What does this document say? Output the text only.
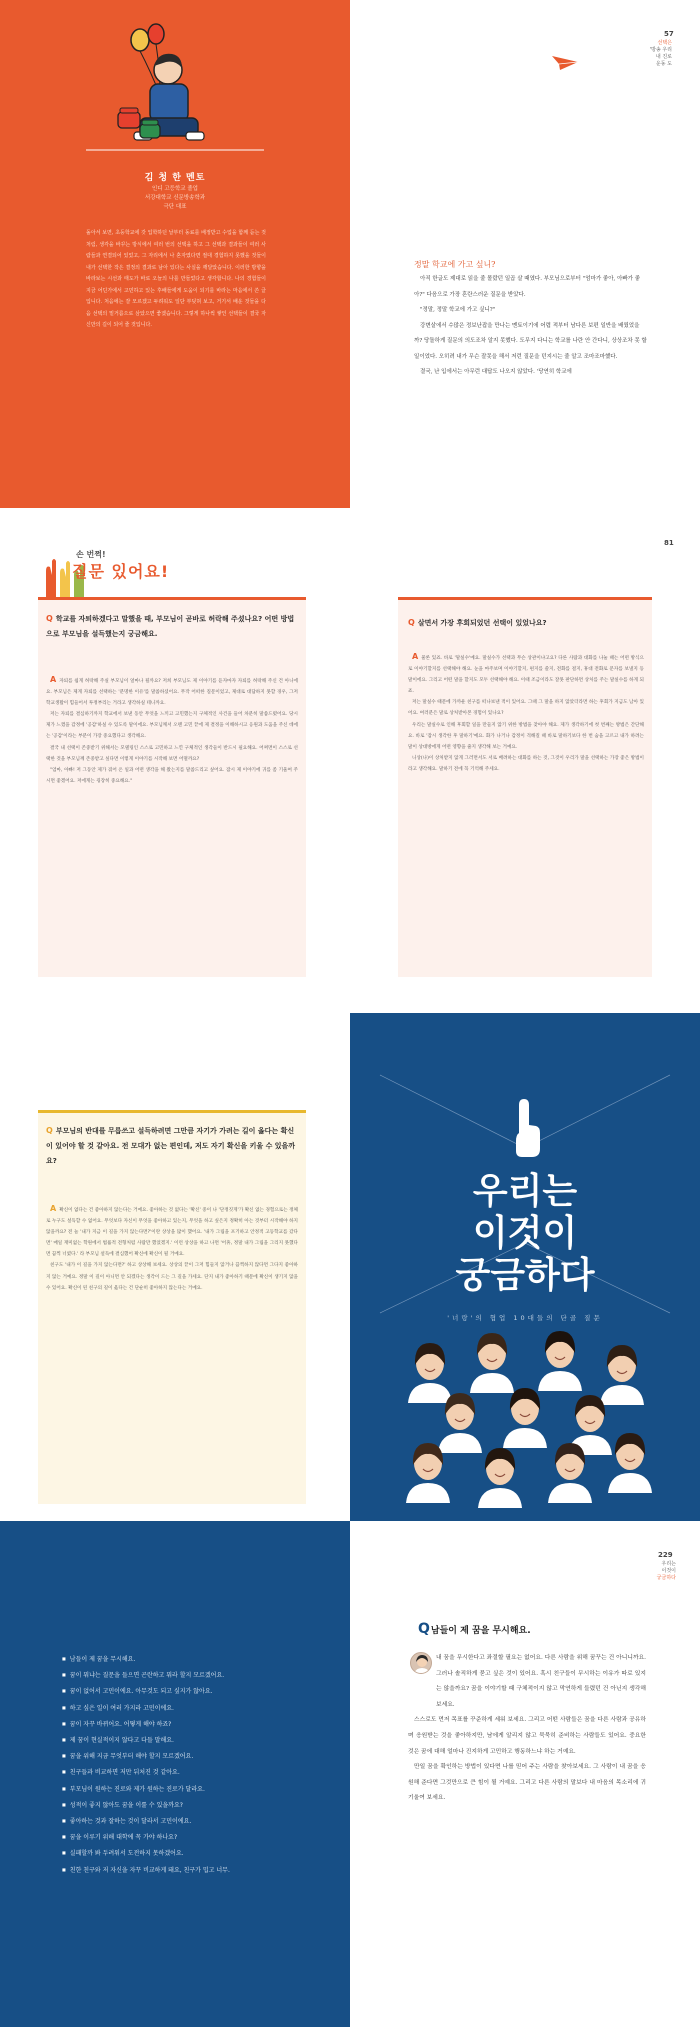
김 청 한 멘토
인디 고등학교 졸업
서강대학교 신문방송학과
극단 대표
돌아서 보면, 초등학교에 갓 입학하던 날부터 동료를 배정받고 수업을 함께 듣는 것처럼, 생각을 바꾸는 방식에서 여러 번의 선택을 하고 그 선택과 결과들이 여러 사람들과 연결되어 있었고, 그 자리에서 나 혼자였다면 절대 경험하지 못했을 것들이 내가 선택한 작은 결정의 결과로 남아 있다는 사실을 깨달았습니다. 이러한 방향을 바라보는 시선과 태도가 바로 오늘의 나를 만들었다고 생각합니다. 나의 경험들이 지금 어딘가에서 고민하고 있는 후배들에게 도움이 되기를 바라는 마음에서 쓴 글입니다. 처음에는 잘 모르겠고 두려워도 일단 부딪혀 보고, 거기서 배운 것들을 다음 선택의 밑거름으로 삼았으면 좋겠습니다. 그렇게 하나씩 쌓인 선택들이 결국 자신만의 길이 되어 줄 것입니다.
57
선택은
'방송 우리
내 진로
운동 도
정말 학교에 가고 싶니?

아직 한글도 제대로 읽을 줄 몰랐던 일곱 살 때였다. 부모님으로부터 "엄마가 좋아, 아빠가 좋아?" 다음으로 가장 혼란스러운 질문을 받았다.

"정말, 정말 학교에 가고 싶니?"

강변살에서 수많은 정보난잡을 만나는 멘토이기에 어렵 적부터 남다른 보편 일반을 배웠었을까? 당돌하게 질문의 의도조차 알지 못했다. 도무지 다니는 학교를 나란 안 간다니, 상상조차 못 할 일이었다. 오히려 내가 무슨 잘못을 해서 저런 질문을 던지시는 줄 알고 조마조마했다.

결국, 난 입에서는 아무런 대답도 나오지 않았다. '당연히 학교에

손 번쩍!
질문 있어요!
Q 학교를 자퇴하겠다고 말했을 때, 부모님이 곧바로 허락해 주셨나요? 어떤 방법으로 부모님을 설득했는지 궁금해요.

A자퇴를 쉽게 허락해 주실 부모님이 얼마나 될까요? 저희 부모님도 제 이야기를 듣자마자 자퇴를 허락해 주신 건 아니에요. 부모님은 제게 자퇴를 선택하는 '분명한 이유'를 말씀하셨어요. 무작 어떠한 질문이었고, 제대로 대답하지 못할 경우, 그저 학교생활이 힘들어서 투정부리는 거라고 생각하실 테니까요.

저는 자퇴를 결심하기까지 학교에서 보낸 동안 무엇을 느끼고 고민했는지 구체적인 사건을 들어 차분히 말씀드렸어요. 당시 제가 느꼈을 감정에 '공감'하실 수 있도록 말이에요. 부모님께서 오랜 고민 끝에 제 결정을 이해하시고 응원과 도움을 주신 데에는 '공감'이라는 부분이 가장 중요했다고 생각해요.

결국 내 선택이 존중받기 위해서는 모델링인 스스로 고민하고 느낀 구체적인 생각들이 반드시 필요해요. 어쩌면이 스스로 선택한 것을 부모님께 존중받고 싶다면 이렇게 이야기를 시작해 보면 어떨까요?

"엄마, 아빠! 저 그동안 제가 겪어 온 일과 어떤 생각을 해 왔는지를 말씀드리고 싶어요. 잠시 제 이야기에 귀를 좀 기울여 주시면 좋겠어요. 저에게는 굉장히 중요해요."

81
Q 살면서 가장 후회되었던 선택이 있었나요?

A물론 있죠. 바로 '말실수'예요. 말실수가 선택과 무슨 상관이냐고요? 다른 사람과 대화를 나눌 때는 어떤 방식으로 이야기할지를 선택해야 해요. 눈을 마주보며 이야기할지, 편지를 쓸지, 전화를 걸지, 휴대 전화로 문자를 보낼지 등 말이에요. 그리고 어떤 말을 할지도 모두 선택해야 해요. 이때 조금이라도 잘못 판단하면 상처를 주는 말실수를 하게 되죠.

저는 말실수 때문에 가까운 친구를 떠나보낸 적이 있어요. 그때 그 말을 하지 않았더라면 하는 후회가 지금도 남아 있어요. 여러분은 말로 상처받아본 경험이 있나요?

우리는 말실수로 인해 후회할 일을 만들지 않기 위한 방법을 찾아야 해요. 제가 생각하기에 첫 번째는 방법은 간단해요. 바로 '잠시 생각한 후 말하기'예요. 화가 나거나 감정이 격해질 때 바로 말하기보다 한 번 숨을 고르고 내가 하려는 말이 상대방에게 어떤 영향을 줄지 생각해 보는 거예요.

니상(나)이 상처받지 않게 그러면서도 서로 배려하는 대화를 하는 것, 그것이 우리가 말을 선택하는 가장 좋은 방법이라고 생각해요. 말하기 전에 꼭 기억해 주세요.

Q 부모님의 반대를 무릅쓰고 설득하려면 그만큼 자기가 가려는 길이 옳다는 확신이 있어야 할 것 같아요. 전 모대가 없는 편인데, 저도 자기 확신을 키울 수 있을까요?

A확신이 없다는 건 좋아하지 않는다는 거예요. 좋아하는 것 없다는 '확신' 중이 나 '단정짓게'가 확신 없는 경험으로는 정체로 누구도 설득할 수 없어요. 무엇보다 자신이 무엇을 좋아하고 있는지, 무엇을 하고 싶은지 정확히 아는 것부터 시작해야 하지 않을까요? 전 늘 '내가 지금 이 길을 가지 않는다면?'이란 상상을 많이 했어요. '내가 그림을 포기하고 안정적 고등학교를 갔다면' 매일 재미없는 학원에서 법률적 전형처럼 사람만 했었겠지.' 이런 상상을 하고 나면 '어휴, 정말 내가 그림을 그리지 못했다면 끔찍 너였다.' 라 부모님 설득에 결심했어 확신에 확신이 될 거예요.

친구도 '내가 이 길을 가지 않는다면?' 하고 상상해 보세요. 상상의 끝이 그저 힘들지 않거나 끔찍하지 않다면 그다지 좋아하지 않는 거예요. 정말 이 길이 아니면 안 되겠다는 생각이 드는 그 길을 가세요. 단지 내가 좋아하기 때문에 확신이 생기지 않을 수 있어요. 확신이 된 친구의 길이 옳다는 건 단순히 좋아하지 않는다는 거예요.

우리는
이것이
궁금하다
'너랑'의 협업 10대들의 단골 질문
■ 남들이 제 꿈을 무시해요.
■ 꿈이 뭐냐는 질문을 들으면 곤란하고 뭐라 할지 모르겠어요.
■ 꿈이 없어서 고민이에요. 아무것도 되고 싶지가 않아요.
■ 하고 싶은 일이 여러 가지라 고민이에요.
■ 꿈이 자꾸 바뀌어요. 어떻게 해야 하죠?
■ 제 꿈이 현실적이지 않다고 다들 말해요.
■ 꿈을 위해 지금 무엇부터 해야 할지 모르겠어요.
■ 친구들과 비교하면 저만 뒤처진 것 같아요.
■ 부모님이 원하는 진로와 제가 원하는 진로가 달라요.
■ 성적이 좋지 않아도 꿈을 이룰 수 있을까요?
■ 좋아하는 것과 잘하는 것이 달라서 고민이에요.
■ 꿈을 이루기 위해 대학에 꼭 가야 하나요?
■ 실패할까 봐 두려워서 도전하지 못하겠어요.
■ 친한 친구와 저 자신을 자꾸 비교하게 돼요, 친구가 밉고 너무.
229
우리는
이것이
궁금하다
Q남들이 제 꿈을 무시해요.

내 꿈을 무시한다고 좌절할 필요는 없어요. 다른 사람을 위해 꿈꾸는 건 아니니까요. 그러나 솔직하게 묻고 싶은 것이 있어요. 혹시 친구들이 무시하는 이유가 따로 있지는 않을까요? 꿈을 이야기할 때 구체적이지 않고 막연하게 들렸던 건 아닌지 생각해 보세요.

스스로도 먼저 목표를 꾸준하게 세워 보세요. 그리고 어떤 사람들은 꿈을 다른 사람과 공유하며 응원받는 것을 좋아하지만, 남에게 알리지 않고 묵묵히 준비하는 사람들도 있어요. 중요한 것은 꿈에 대해 얼마나 진지하게 고민하고 행동하느냐 하는 거예요.

만일 꿈을 확인하는 방법이 있다면 나를 믿어 주는 사람을 찾아보세요. 그 사람이 내 꿈을 응원해 준다면 그것만으로 큰 힘이 될 거예요. 그리고 다른 사람의 말보다 내 마음의 목소리에 귀 기울여 보세요.
